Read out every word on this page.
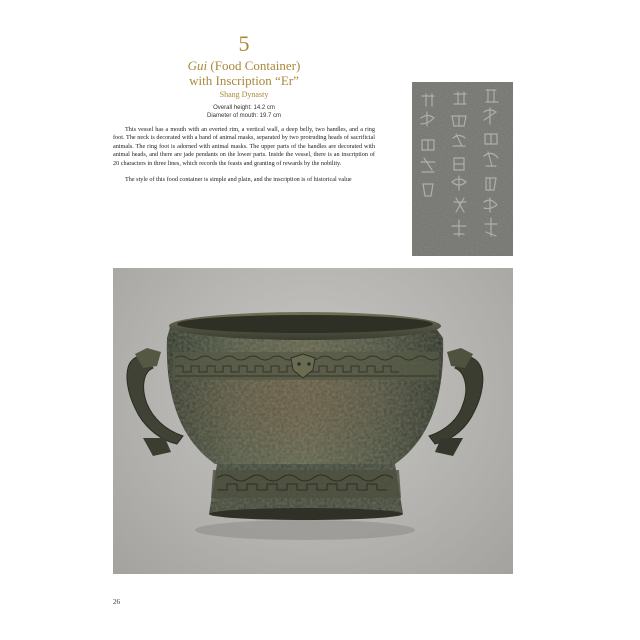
5
Gui (Food Container)
with Inscription “Er”
Shang Dynasty
Overall height: 14.2 cm
Diameter of mouth: 19.7 cm

This vessel has a mouth with an everted rim, a vertical wall, a deep belly, two handles, and a ring foot. The neck is decorated with a band of animal masks, separated by two protruding heads of sacrificial animals. The ring foot is adorned with animal masks. The upper parts of the handles are decorated with animal heads, and there are jade pendants on the lower parts. Inside the vessel, there is an inscription of 20 characters in three lines, which records the feasts and granting of rewards by the nobility.

The style of this food container is simple and plain, and the inscription is of historical value

26
